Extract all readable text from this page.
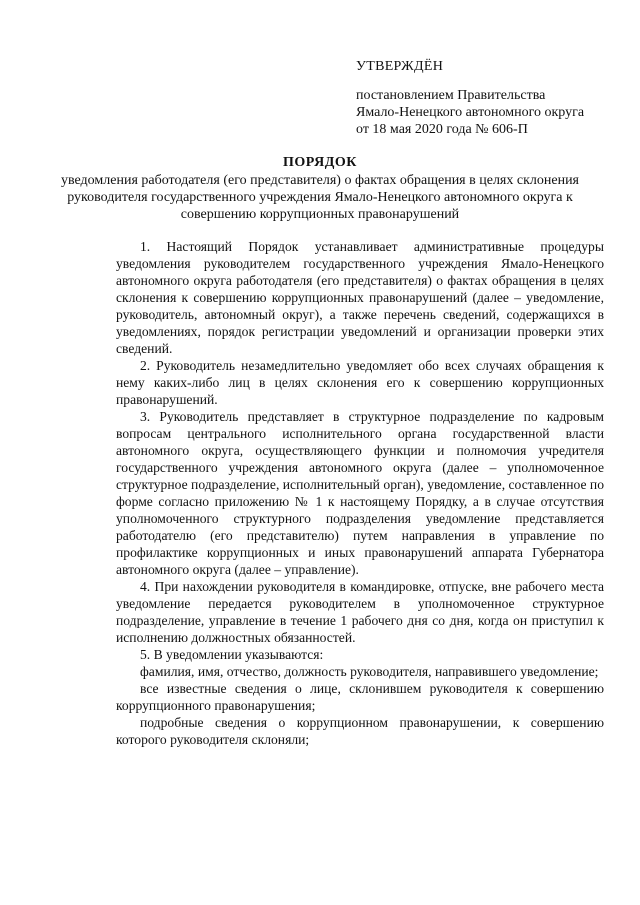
УТВЕРЖДЁН
постановлением Правительства
Ямало-Ненецкого автономного округа
от 18 мая 2020 года № 606-П
ПОРЯДОК
уведомления работодателя (его представителя) о фактах обращения в целях склонения руководителя государственного учреждения Ямало-Ненецкого автономного округа к совершению коррупционных правонарушений

1. Настоящий Порядок устанавливает административные процедуры уведомления руководителем государственного учреждения Ямало-Ненецкого автономного округа работодателя (его представителя) о фактах обращения в целях склонения к совершению коррупционных правонарушений (далее – уведомление, руководитель, автономный округ), а также перечень сведений, содержащихся в уведомлениях, порядок регистрации уведомлений и организации проверки этих сведений.

2. Руководитель незамедлительно уведомляет обо всех случаях обращения к нему каких-либо лиц в целях склонения его к совершению коррупционных правонарушений.

3. Руководитель представляет в структурное подразделение по кадровым вопросам центрального исполнительного органа государственной власти автономного округа, осуществляющего функции и полномочия учредителя государственного учреждения автономного округа (далее – уполномоченное структурное подразделение, исполнительный орган), уведомление, составленное по форме согласно приложению № 1 к настоящему Порядку, а в случае отсутствия уполномоченного структурного подразделения уведомление представляется работодателю (его представителю) путем направления в управление по профилактике коррупционных и иных правонарушений аппарата Губернатора автономного округа (далее – управление).

4. При нахождении руководителя в командировке, отпуске, вне рабочего места уведомление передается руководителем в уполномоченное структурное подразделение, управление в течение 1 рабочего дня со дня, когда он приступил к исполнению должностных обязанностей.

5. В уведомлении указываются:

фамилия, имя, отчество, должность руководителя, направившего уведомление;

все известные сведения о лице, склонившем руководителя к совершению коррупционного правонарушения;

подробные сведения о коррупционном правонарушении, к совершению которого руководителя склоняли;
